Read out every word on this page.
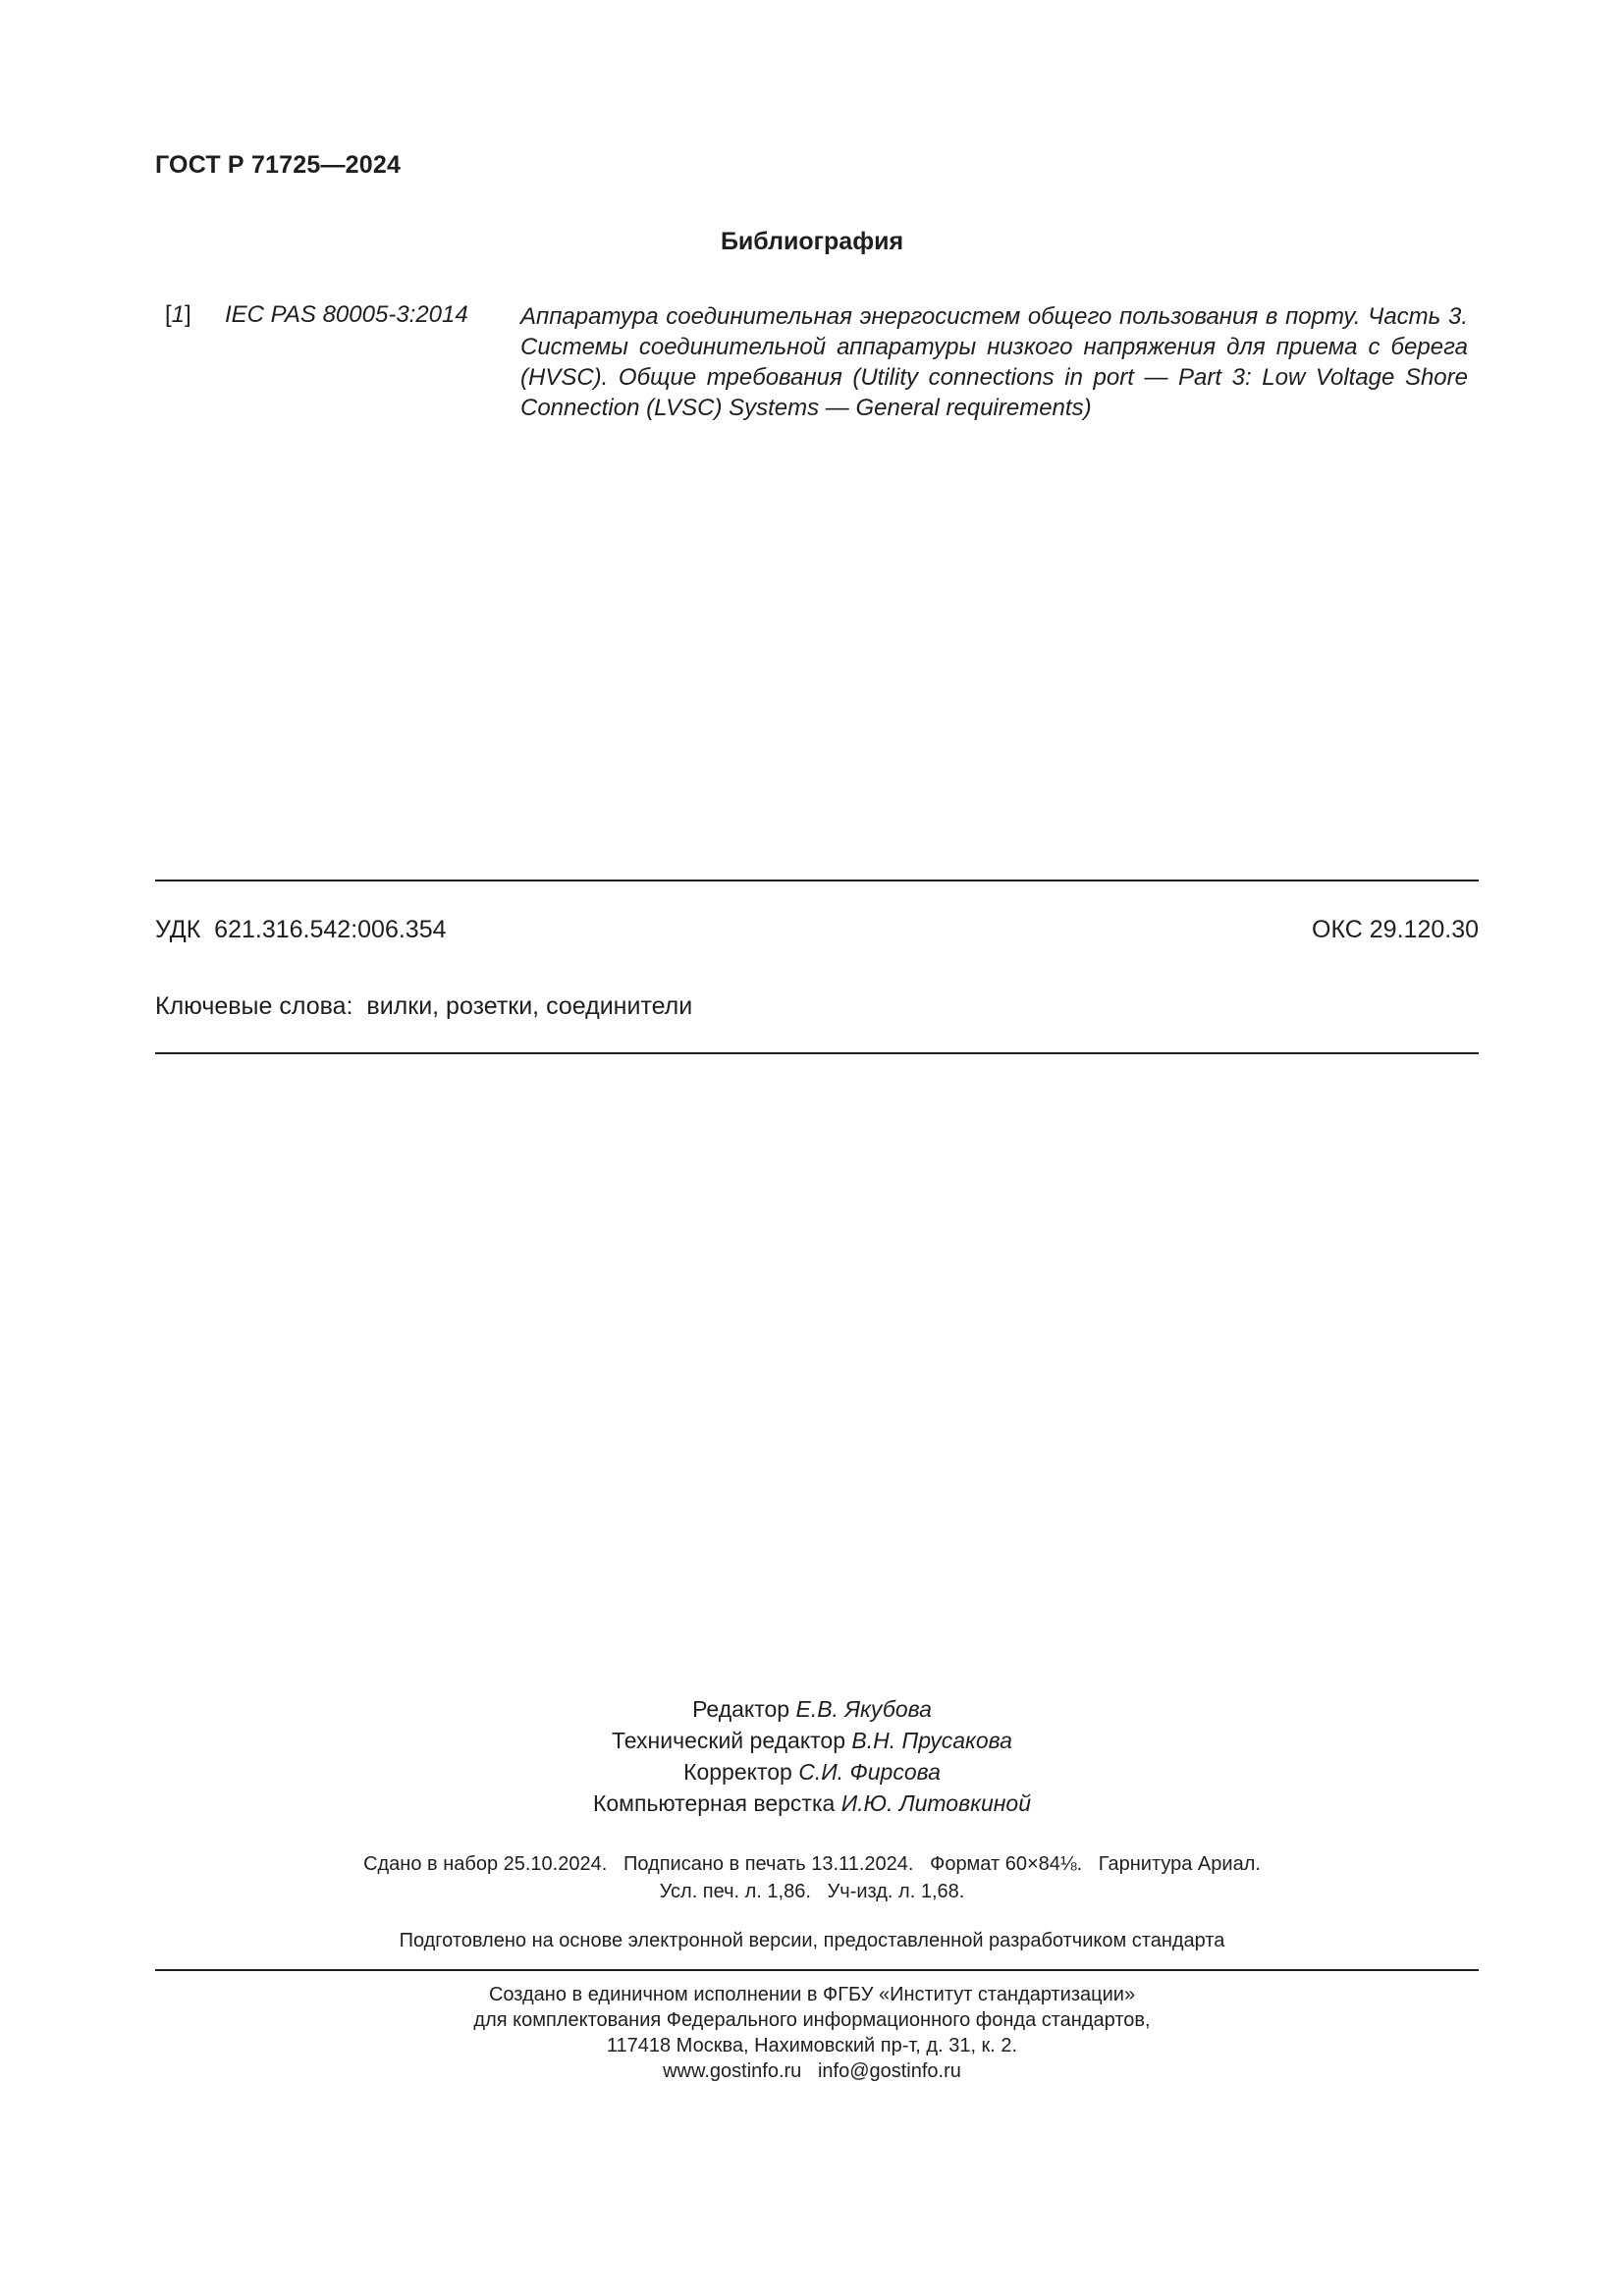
ГОСТ Р 71725—2024
Библиография
[1] IEC PAS 80005-3:2014 Аппаратура соединительная энергосистем общего пользования в порту. Часть 3. Системы соединительной аппаратуры низкого напряжения для приема с берега (HVSC). Общие требования (Utility connections in port — Part 3: Low Voltage Shore Connection (LVSC) Systems — General requirements)
УДК 621.316.542:006.354	ОКС 29.120.30
Ключевые слова: вилки, розетки, соединители
Редактор Е.В. Якубова
Технический редактор В.Н. Прусакова
Корректор С.И. Фирсова
Компьютерная верстка И.Ю. Литовкиной
Сдано в набор 25.10.2024. Подписано в печать 13.11.2024. Формат 60×84⅛. Гарнитура Ариал.
Усл. печ. л. 1,86. Уч-изд. л. 1,68.
Подготовлено на основе электронной версии, предоставленной разработчиком стандарта
Создано в единичном исполнении в ФГБУ «Институт стандартизации»
для комплектования Федерального информационного фонда стандартов,
117418 Москва, Нахимовский пр-т, д. 31, к. 2.
www.gostinfo.ru info@gostinfo.ru
